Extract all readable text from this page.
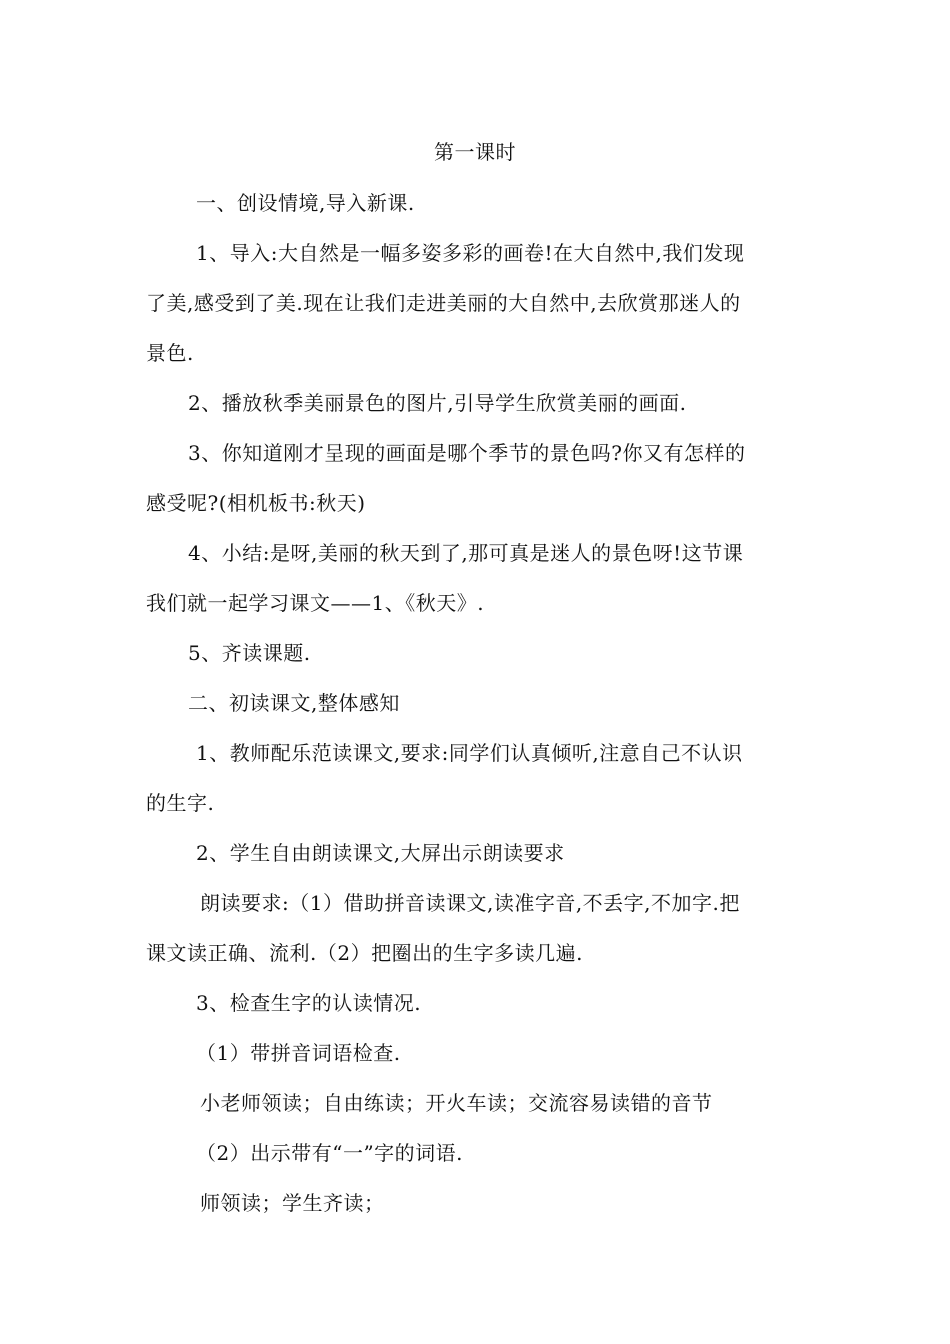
第一课时
一、创设情境,导入新课.
1、导入:大自然是一幅多姿多彩的画卷!在大自然中,我们发现
了美,感受到了美.现在让我们走进美丽的大自然中,去欣赏那迷人的
景色.
2、播放秋季美丽景色的图片,引导学生欣赏美丽的画面.
3、你知道刚才呈现的画面是哪个季节的景色吗?你又有怎样的
感受呢?(相机板书:秋天)
4、小结:是呀,美丽的秋天到了,那可真是迷人的景色呀!这节课
我们就一起学习课文——1、《秋天》.
5、齐读课题.
二、初读课文,整体感知
1、教师配乐范读课文,要求:同学们认真倾听,注意自己不认识
的生字.
2、学生自由朗读课文,大屏出示朗读要求
朗读要求:（1）借助拼音读课文,读准字音,不丢字,不加字.把
课文读正确、流利.（2）把圈出的生字多读几遍.
3、检查生字的认读情况.
（1）带拼音词语检查.
小老师领读；自由练读；开火车读；交流容易读错的音节
（2）出示带有“一”字的词语.
师领读；学生齐读；
